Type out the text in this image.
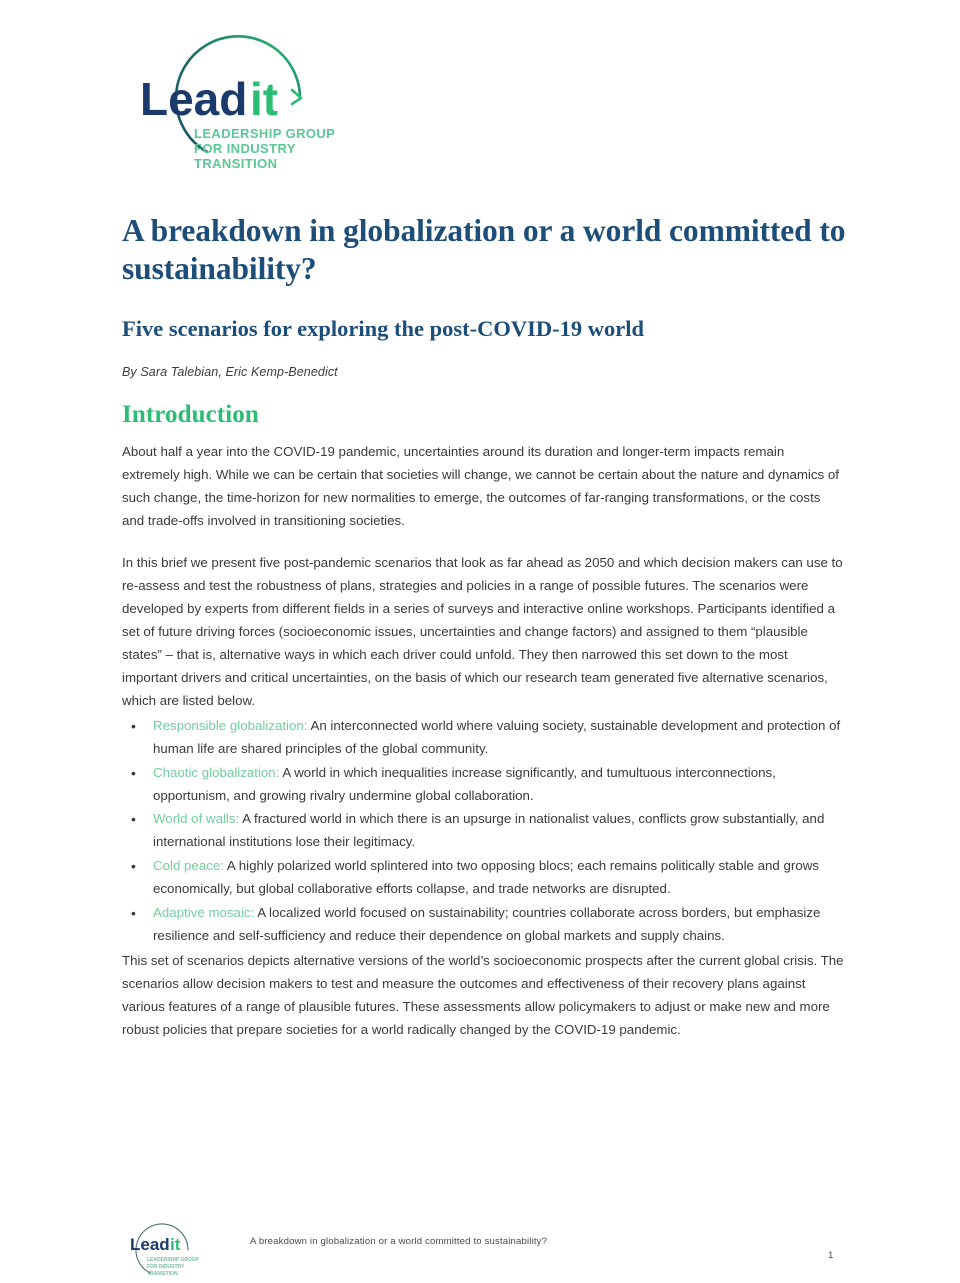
Lead it
LEADERSHIP GROUP
FOR INDUSTRY
TRANSITION
A breakdown in globalization or a world committed to sustainability?
Five scenarios for exploring the post-COVID-19 world

By Sara Talebian, Eric Kemp-Benedict

Introduction

About half a year into the COVID-19 pandemic, uncertainties around its duration and longer-term impacts remain extremely high. While we can be certain that societies will change, we cannot be certain about the nature and dynamics of such change, the time-horizon for new normalities to emerge, the outcomes of far-ranging transformations, or the costs and trade-offs involved in transitioning societies.

In this brief we present five post-pandemic scenarios that look as far ahead as 2050 and which decision makers can use to re-assess and test the robustness of plans, strategies and policies in a range of possible futures. The scenarios were developed by experts from different fields in a series of surveys and interactive online workshops. Participants identified a set of future driving forces (socioeconomic issues, uncertainties and change factors) and assigned to them “plausible states” – that is, alternative ways in which each driver could unfold. They then narrowed this set down to the most important drivers and critical uncertainties, on the basis of which our research team generated five alternative scenarios, which are listed below.

• Responsible globalization: An interconnected world where valuing society, sustainable development and protection of human life are shared principles of the global community.
• Chaotic globalization: A world in which inequalities increase significantly, and tumultuous interconnections, opportunism, and growing rivalry undermine global collaboration.
• World of walls: A fractured world in which there is an upsurge in nationalist values, conflicts grow substantially, and international institutions lose their legitimacy.
• Cold peace: A highly polarized world splintered into two opposing blocs; each remains politically stable and grows economically, but global collaborative efforts collapse, and trade networks are disrupted.
• Adaptive mosaic: A localized world focused on sustainability; countries collaborate across borders, but emphasize resilience and self-sufficiency and reduce their dependence on global markets and supply chains.

This set of scenarios depicts alternative versions of the world’s socioeconomic prospects after the current global crisis. The scenarios allow decision makers to test and measure the outcomes and effectiveness of their recovery plans against various features of a range of plausible futures. These assessments allow policymakers to adjust or make new and more  robust policies that prepare societies for a world radically changed by the COVID-19 pandemic.

Lead it
LEADERSHIP GROUP
FOR INDUSTRY
TRANSITION
A breakdown in globalization or a world committed to sustainability?
1
